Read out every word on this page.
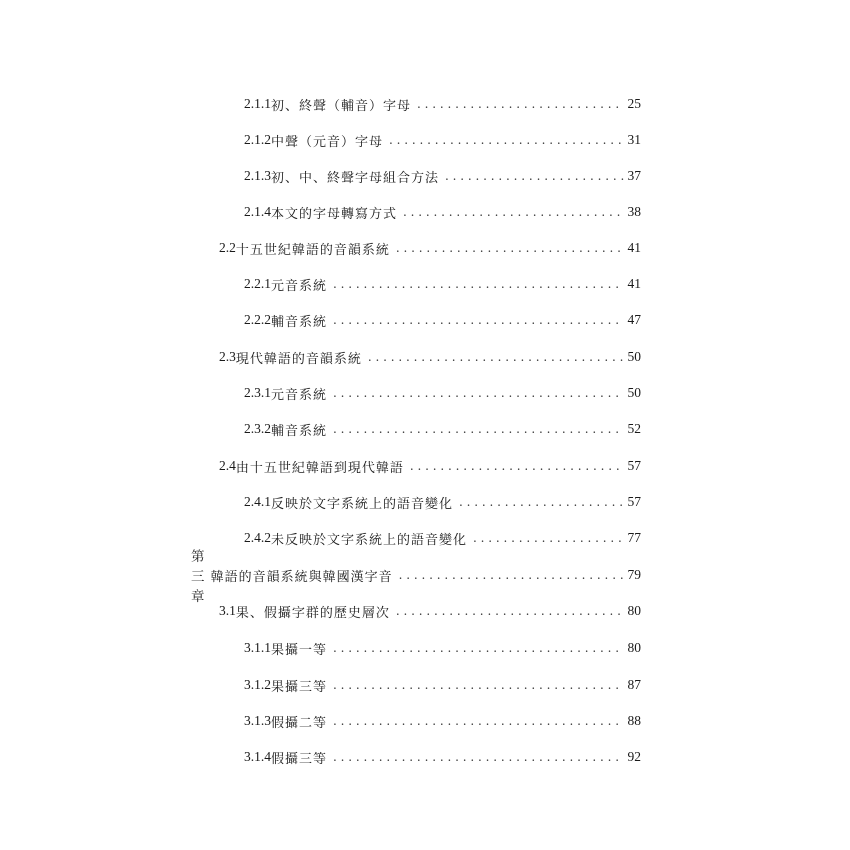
2.1.1 初、終聲（輔音）字母 . . .	25
2.1.2 中聲（元音）字母 . . .	31
2.1.3 初、中、終聲字母組合方法 . . .	37
2.1.4 本文的字母轉寫方式 . . .	38
2.2 十五世紀韓語的音韻系統 . . .	41
2.2.1 元音系統 . . .	41
2.2.2 輔音系統 . . .	47
2.3 現代韓語的音韻系統 . . .	50
2.3.1 元音系統 . . .	50
2.3.2 輔音系統 . . .	52
2.4 由十五世紀韓語到現代韓語 . . .	57
2.4.1 反映於文字系統上的語音變化 . . .	57
2.4.2 未反映於文字系統上的語音變化 . . .	77
第三章
韓語的音韻系統與韓國漢字音 . . .	79
3.1 果、假攝字群的歷史層次 . . .	80
3.1.1 果攝一等 . . .	80
3.1.2 果攝三等 . . .	87
3.1.3 假攝二等 . . .	88
3.1.4 假攝三等 . . .	92
